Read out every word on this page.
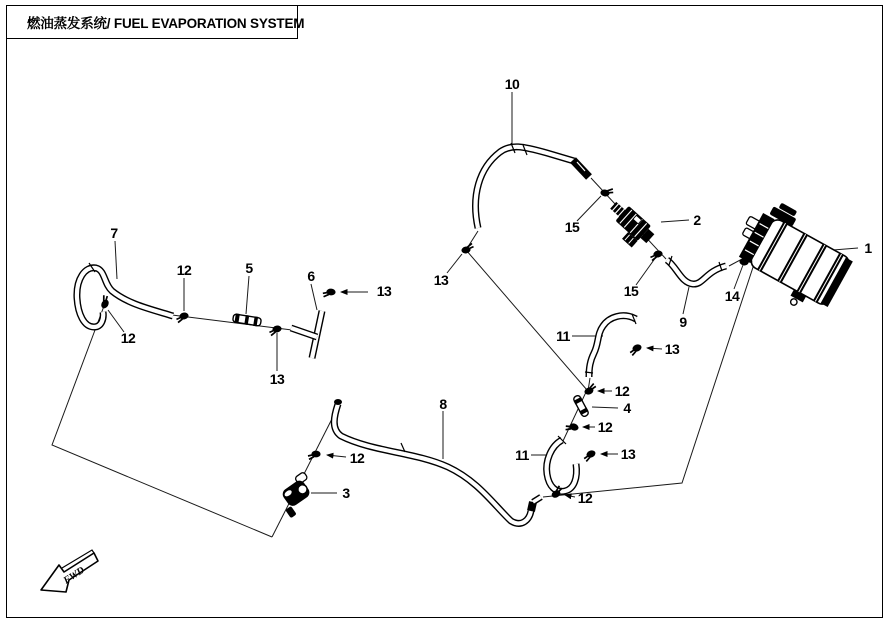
FWD
燃油蒸发系统/ FUEL EVAPORATION SYSTEM
10
7
12	5	6
13
12
13
13
15	2
15
9
14
1
11
13
12
4
12
11	13
12
8
12
3
